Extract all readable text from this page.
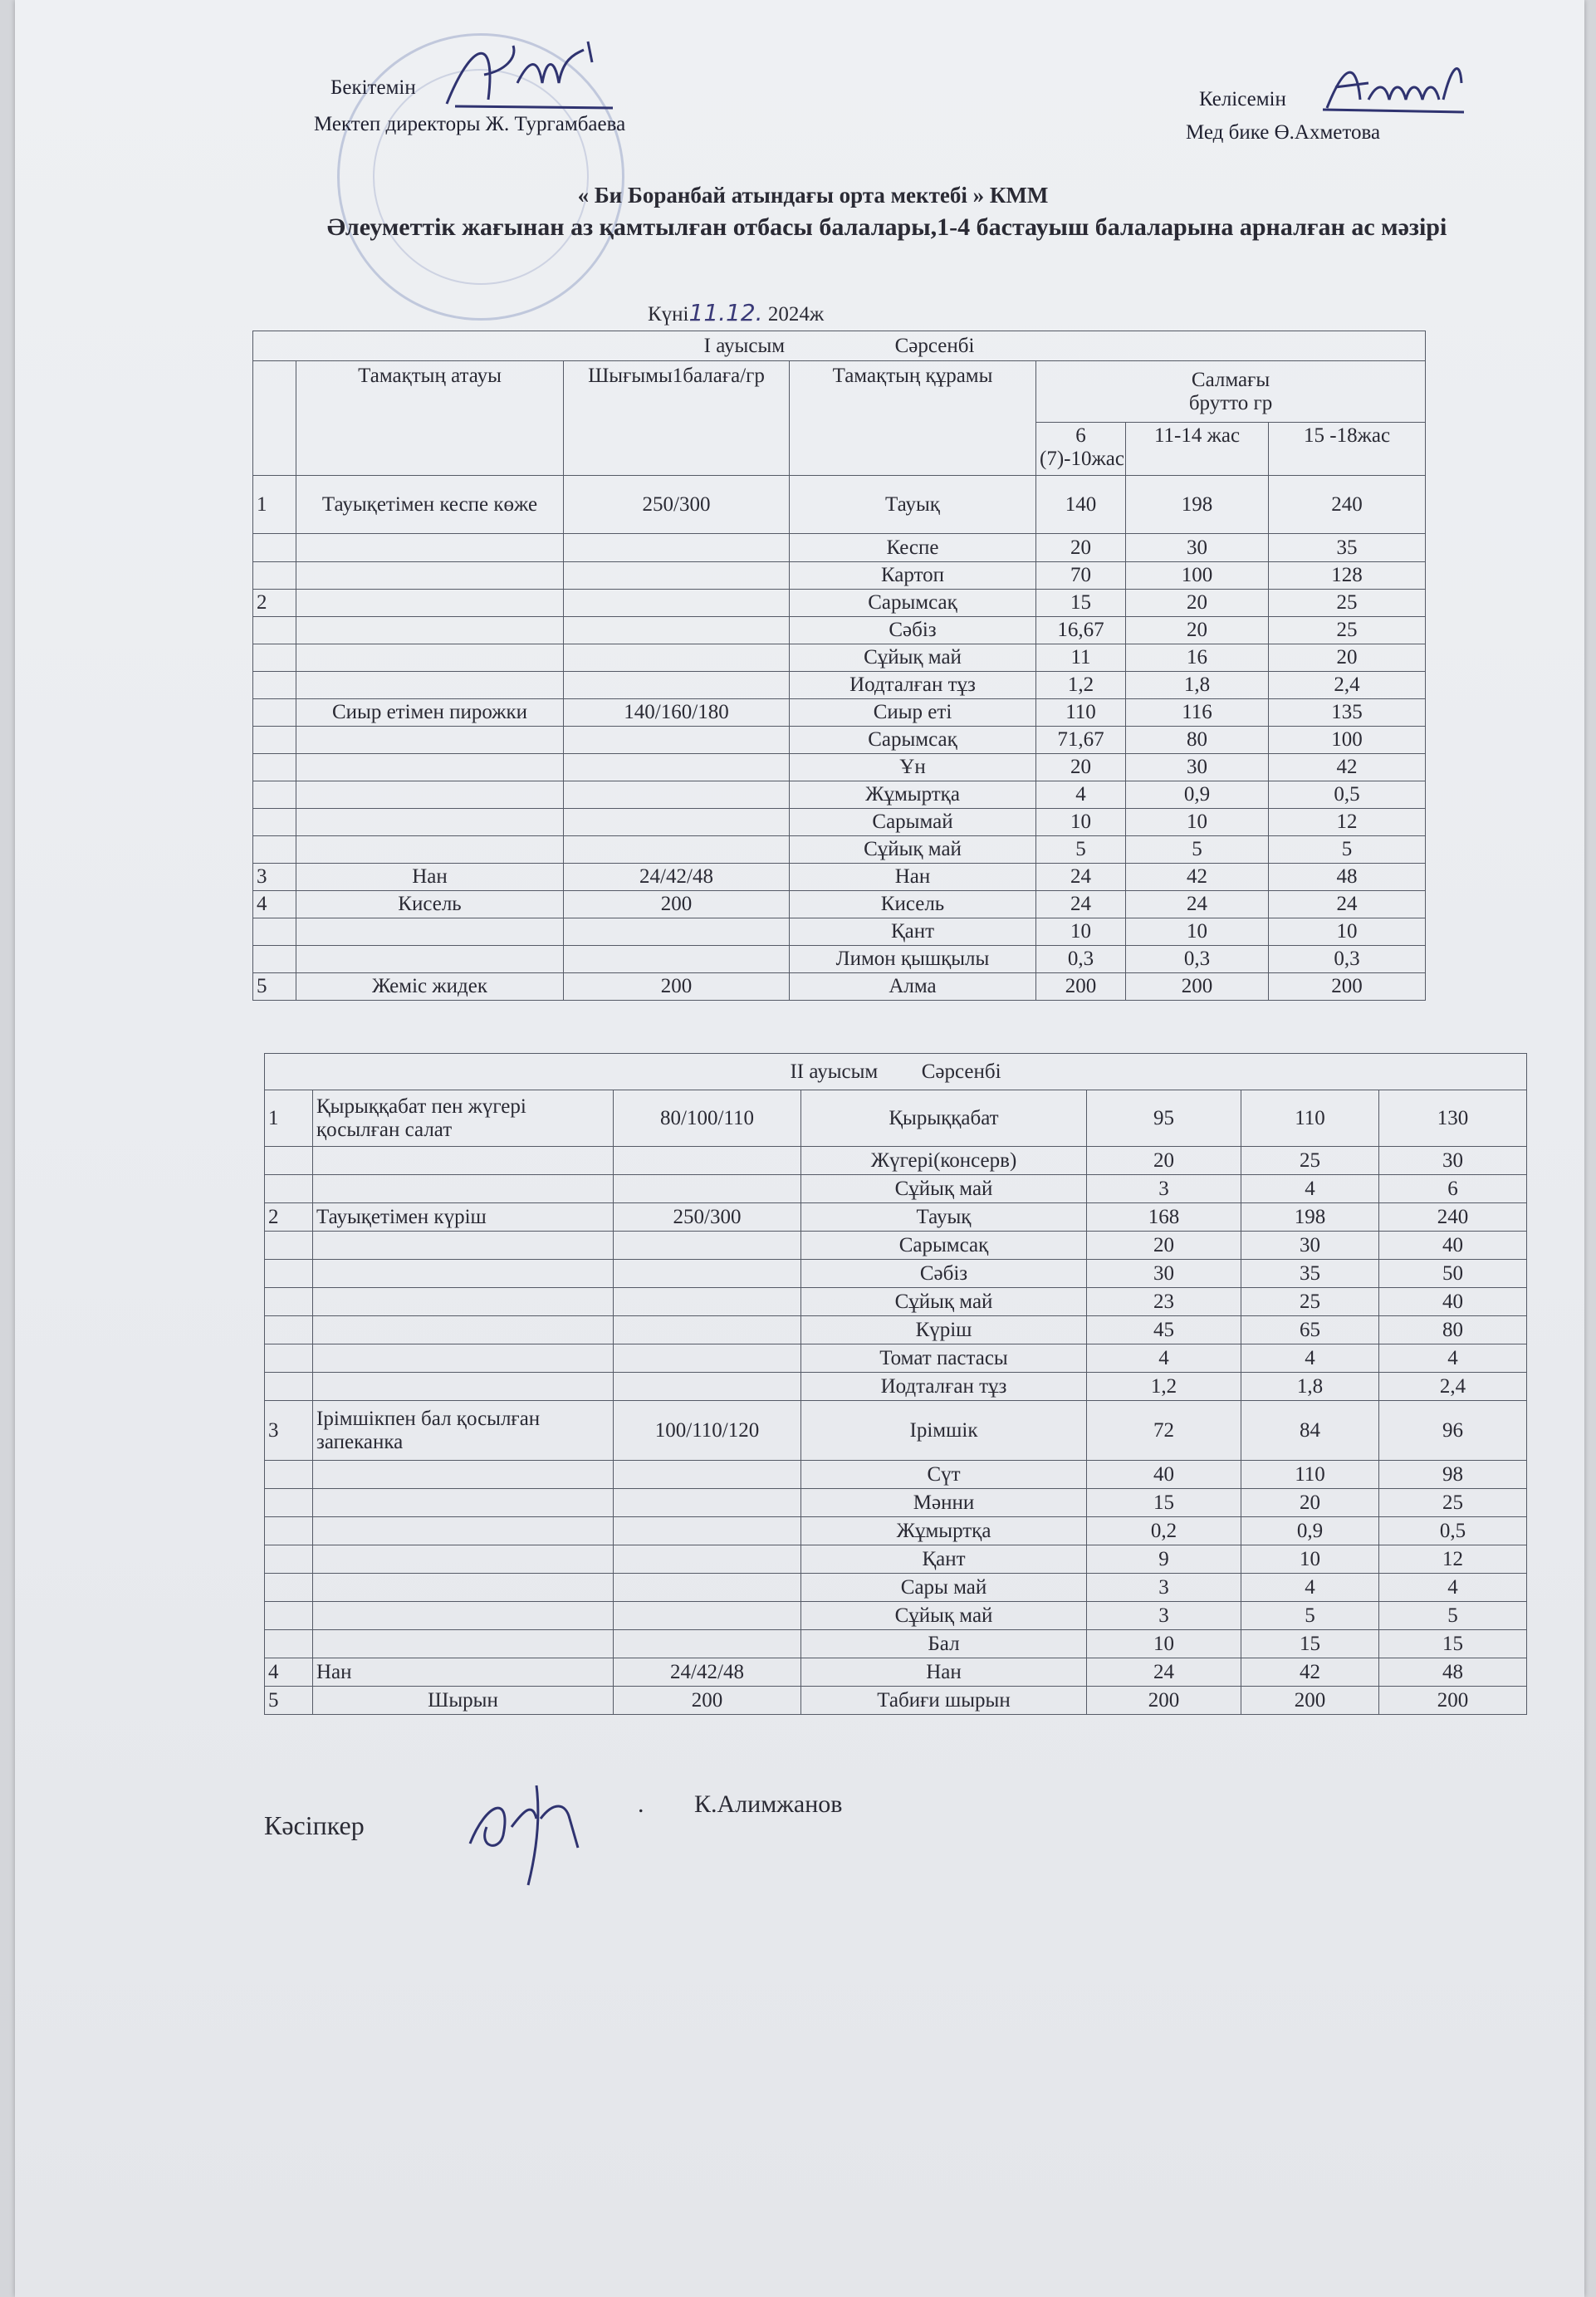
Бекітемін
Мектеп директоры Ж. Тургамбаева
Келісемін
Мед бике Ө.Ахметова
« Би Боранбай атындағы орта мектебі » КММ
Әлеуметтік жағынан аз қамтылған отбасы балалары,1-4 бастауыш балаларына арналған ас мәзірі
Күні11.12. 2024ж
I ауысым Сәрсенбі						
	Тамақтың атауы	Шығымы1балаға/гр	Тамақтың құрамы	Салмағы брутто гр		
				6 (7)-10жас	11-14 жас	15 -18жас
1	Тауықетімен кеспе көже	250/300	Тауық	140	198	240
			Кеспе	20	30	35
			Картоп	70	100	128
2			Сарымсақ	15	20	25
			Сәбіз	16,67	20	25
			Сұйық май	11	16	20
			Иодталған тұз	1,2	1,8	2,4
	Сиыр етімен пирожки	140/160/180	Сиыр еті	110	116	135
			Сарымсақ	71,67	80	100
			Ұн	20	30	42
			Жұмыртқа	4	0,9	0,5
			Сарымай	10	10	12
			Сұйық май	5	5	5
3	Нан	24/42/48	Нан	24	42	48
4	Кисель	200	Кисель	24	24	24
			Қант	10	10	10
			Лимон қышқылы	0,3	0,3	0,3
5	Жеміс жидек	200	Алма	200	200	200
II ауысым Сәрсенбі						
1	Қырыққабат пен жүгері қосылған салат	80/100/110	Қырыққабат	95	110	130
			Жүгері(консерв)	20	25	30
			Сұйық май	3	4	6
2	Тауықетімен күріш	250/300	Тауық	168	198	240
			Сарымсақ	20	30	40
			Сәбіз	30	35	50
			Сұйық май	23	25	40
			Күріш	45	65	80
			Томат пастасы	4	4	4
			Иодталған тұз	1,2	1,8	2,4
3	Ірімшікпен бал қосылған запеканка	100/110/120	Ірімшік	72	84	96
			Сүт	40	110	98
			Мәнни	15	20	25
			Жұмыртқа	0,2	0,9	0,5
			Қант	9	10	12
			Сары май	3	4	4
			Сұйық май	3	5	5
			Бал	10	15	15
4	Нан	24/42/48	Нан	24	42	48
5	Шырын	200	Табиғи шырын	200	200	200
Кәсіпкер
. К.Алимжанов
